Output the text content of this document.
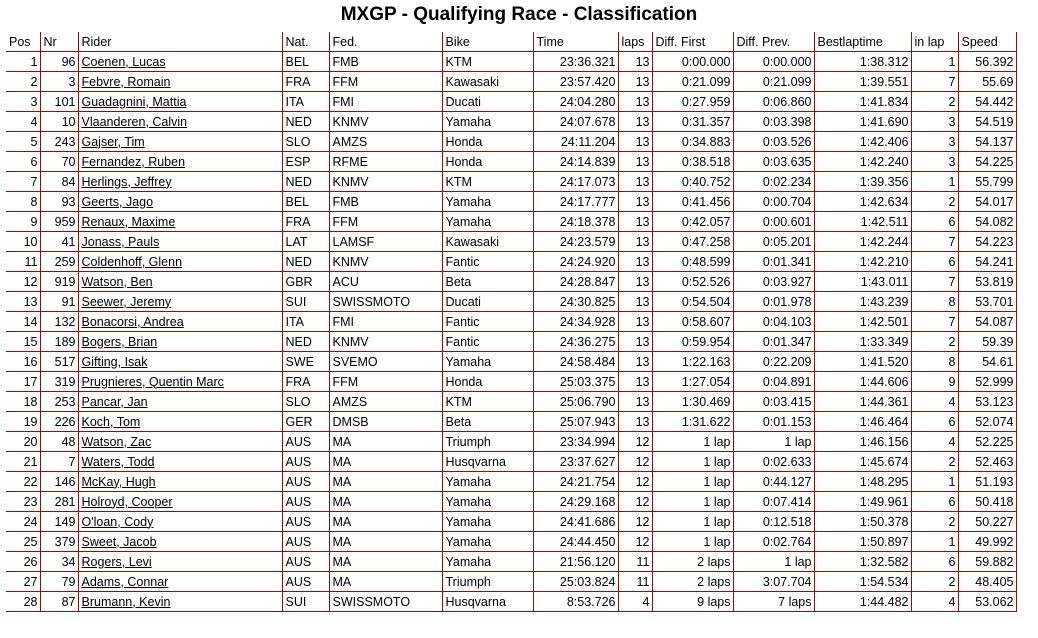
MXGP - Qualifying Race - Classification
Pos	Nr	Rider	Nat.	Fed.	Bike	Time	laps	Diff. First	Diff. Prev.	Bestlaptime	in lap	Speed
1	96	Coenen, Lucas	BEL	FMB	KTM	23:36.321	13	0:00.000	0:00.000	1:38.312	1	56.392
2	3	Febvre, Romain	FRA	FFM	Kawasaki	23:57.420	13	0:21.099	0:21.099	1:39.551	7	55.69
3	101	Guadagnini, Mattia	ITA	FMI	Ducati	24:04.280	13	0:27.959	0:06.860	1:41.834	2	54.442
4	10	Vlaanderen, Calvin	NED	KNMV	Yamaha	24:07.678	13	0:31.357	0:03.398	1:41.690	3	54.519
5	243	Gajser, Tim	SLO	AMZS	Honda	24:11.204	13	0:34.883	0:03.526	1:42.406	3	54.137
6	70	Fernandez, Ruben	ESP	RFME	Honda	24:14.839	13	0:38.518	0:03.635	1:42.240	3	54.225
7	84	Herlings, Jeffrey	NED	KNMV	KTM	24:17.073	13	0:40.752	0:02.234	1:39.356	1	55.799
8	93	Geerts, Jago	BEL	FMB	Yamaha	24:17.777	13	0:41.456	0:00.704	1:42.634	2	54.017
9	959	Renaux, Maxime	FRA	FFM	Yamaha	24:18.378	13	0:42.057	0:00.601	1:42.511	6	54.082
10	41	Jonass, Pauls	LAT	LAMSF	Kawasaki	24:23.579	13	0:47.258	0:05.201	1:42.244	7	54.223
11	259	Coldenhoff, Glenn	NED	KNMV	Fantic	24:24.920	13	0:48.599	0:01.341	1:42.210	6	54.241
12	919	Watson, Ben	GBR	ACU	Beta	24:28.847	13	0:52.526	0:03.927	1:43.011	7	53.819
13	91	Seewer, Jeremy	SUI	SWISSMOTO	Ducati	24:30.825	13	0:54.504	0:01.978	1:43.239	8	53.701
14	132	Bonacorsi, Andrea	ITA	FMI	Fantic	24:34.928	13	0:58.607	0:04.103	1:42.501	7	54.087
15	189	Bogers, Brian	NED	KNMV	Fantic	24:36.275	13	0:59.954	0:01.347	1:33.349	2	59.39
16	517	Gifting, Isak	SWE	SVEMO	Yamaha	24:58.484	13	1:22.163	0:22.209	1:41.520	8	54.61
17	319	Prugnieres, Quentin Marc	FRA	FFM	Honda	25:03.375	13	1:27.054	0:04.891	1:44.606	9	52.999
18	253	Pancar, Jan	SLO	AMZS	KTM	25:06.790	13	1:30.469	0:03.415	1:44.361	4	53.123
19	226	Koch, Tom	GER	DMSB	Beta	25:07.943	13	1:31.622	0:01.153	1:46.464	6	52.074
20	48	Watson, Zac	AUS	MA	Triumph	23:34.994	12	1 lap	1 lap	1:46.156	4	52.225
21	7	Waters, Todd	AUS	MA	Husqvarna	23:37.627	12	1 lap	0:02.633	1:45.674	2	52.463
22	146	McKay, Hugh	AUS	MA	Yamaha	24:21.754	12	1 lap	0:44.127	1:48.295	1	51.193
23	281	Holroyd, Cooper	AUS	MA	Yamaha	24:29.168	12	1 lap	0:07.414	1:49.961	6	50.418
24	149	O'loan, Cody	AUS	MA	Yamaha	24:41.686	12	1 lap	0:12.518	1:50.378	2	50.227
25	379	Sweet, Jacob	AUS	MA	Yamaha	24:44.450	12	1 lap	0:02.764	1:50.897	1	49.992
26	34	Rogers, Levi	AUS	MA	Yamaha	21:56.120	11	2 laps	1 lap	1:32.582	6	59.882
27	79	Adams, Connar	AUS	MA	Triumph	25:03.824	11	2 laps	3:07.704	1:54.534	2	48.405
28	87	Brumann, Kevin	SUI	SWISSMOTO	Husqvarna	8:53.726	4	9 laps	7 laps	1:44.482	4	53.062
